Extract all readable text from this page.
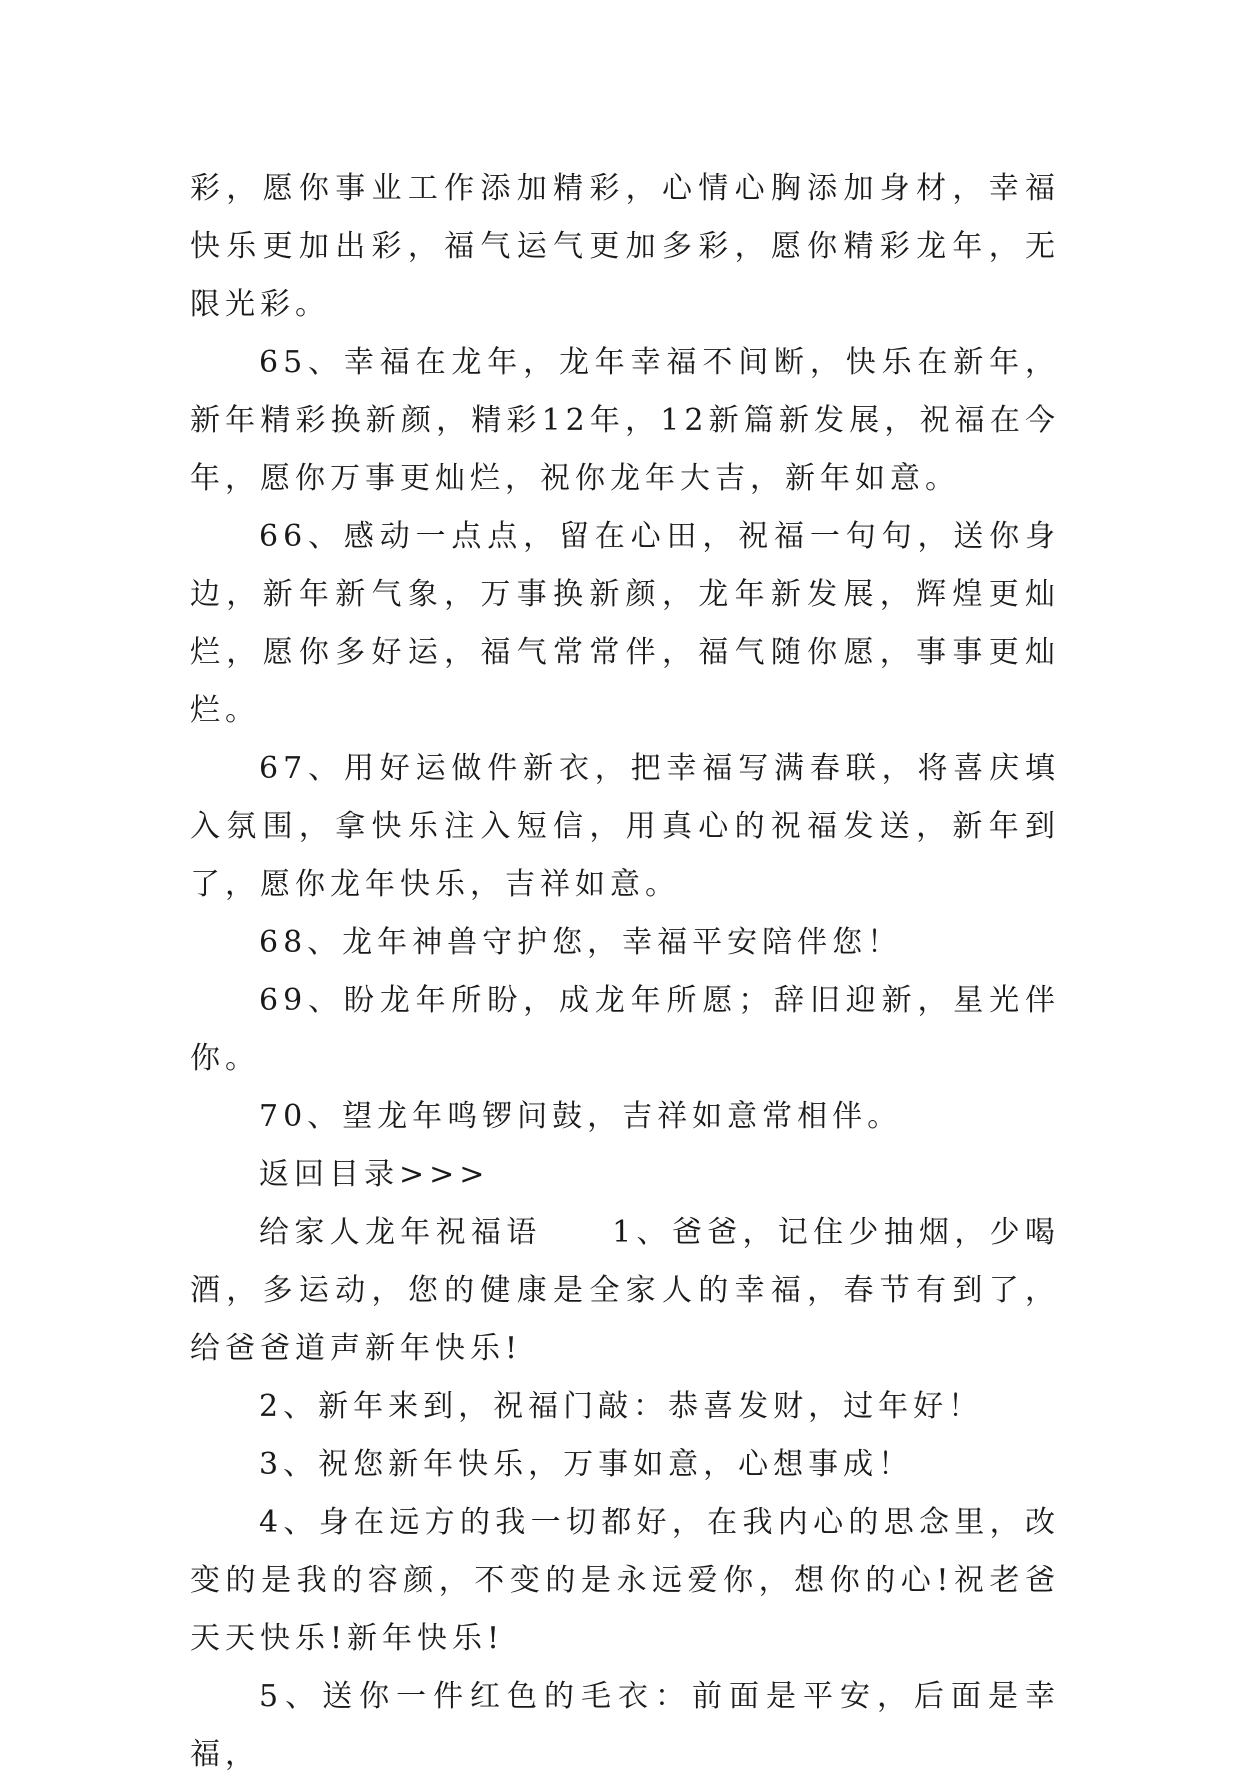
彩，愿你事业工作添加精彩，心情心胸添加身材，幸福快乐更加出彩，福气运气更加多彩，愿你精彩龙年，无限光彩。

65、幸福在龙年，龙年幸福不间断，快乐在新年，新年精彩换新颜，精彩12年，12新篇新发展，祝福在今年，愿你万事更灿烂，祝你龙年大吉，新年如意。

66、感动一点点，留在心田，祝福一句句，送你身边，新年新气象，万事换新颜，龙年新发展，辉煌更灿烂，愿你多好运，福气常常伴，福气随你愿，事事更灿烂。

67、用好运做件新衣，把幸福写满春联，将喜庆填入氛围，拿快乐注入短信，用真心的祝福发送，新年到了，愿你龙年快乐，吉祥如意。

68、龙年神兽守护您，幸福平安陪伴您！

69、盼龙年所盼，成龙年所愿；辞旧迎新，星光伴你。

70、望龙年鸣锣问鼓，吉祥如意常相伴。

返回目录>>>

给家人龙年祝福语　　1、爸爸，记住少抽烟，少喝酒，多运动，您的健康是全家人的幸福，春节有到了，给爸爸道声新年快乐!

2、新年来到，祝福门敲：恭喜发财，过年好！

3、祝您新年快乐，万事如意，心想事成！

4、身在远方的我一切都好，在我内心的思念里，改变的是我的容颜，不变的是永远爱你，想你的心!祝老爸天天快乐!新年快乐!

5、送你一件红色的毛衣：前面是平安，后面是幸福，
